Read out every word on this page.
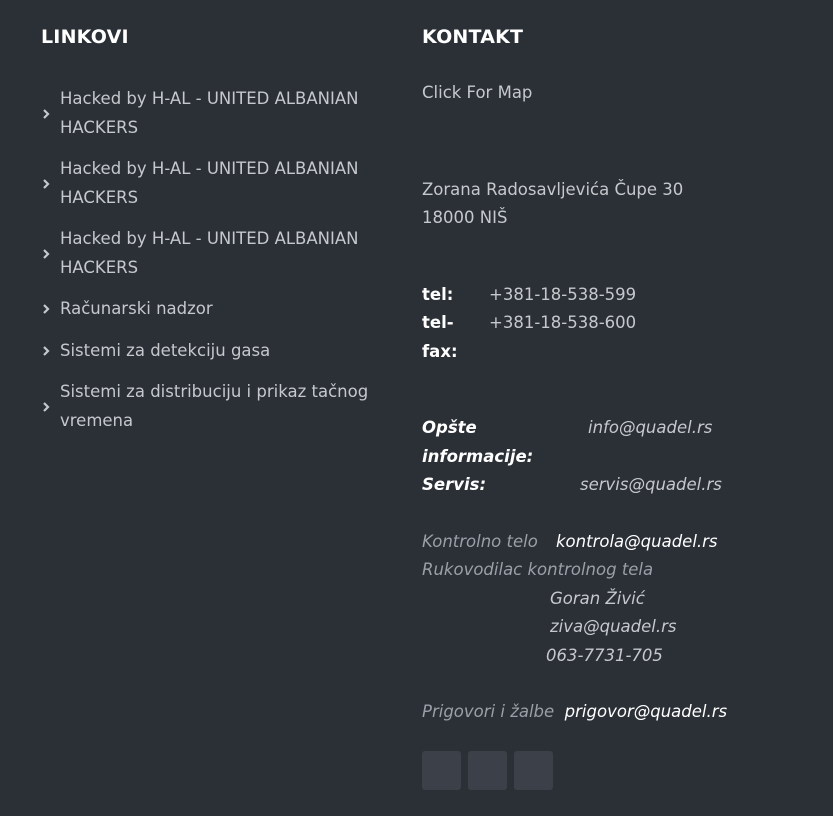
LINKOVI
Hacked by H-AL - UNITED ALBANIAN HACKERS
Hacked by H-AL - UNITED ALBANIAN HACKERS
Hacked by H-AL - UNITED ALBANIAN HACKERS
Računarski nadzor
Sistemi za detekciju gasa
Sistemi za distribuciju i prikaz tačnog vremena
KONTAKT
Click For Map
Zorana Radosavljevića Čupe 30
18000 NIŠ
tel:	+381-18-538-599
tel-fax:
+381-18-538-600
Opšte informacije:
info@quadel.rs
Servis:	servis@quadel.rs
Kontrolno telo	kontrola@quadel.rs
Rukovodilac kontrolnog tela
Goran Živić
ziva@quadel.rs
063-7731-705
Prigovori i žalbe prigovor@quadel.rs
